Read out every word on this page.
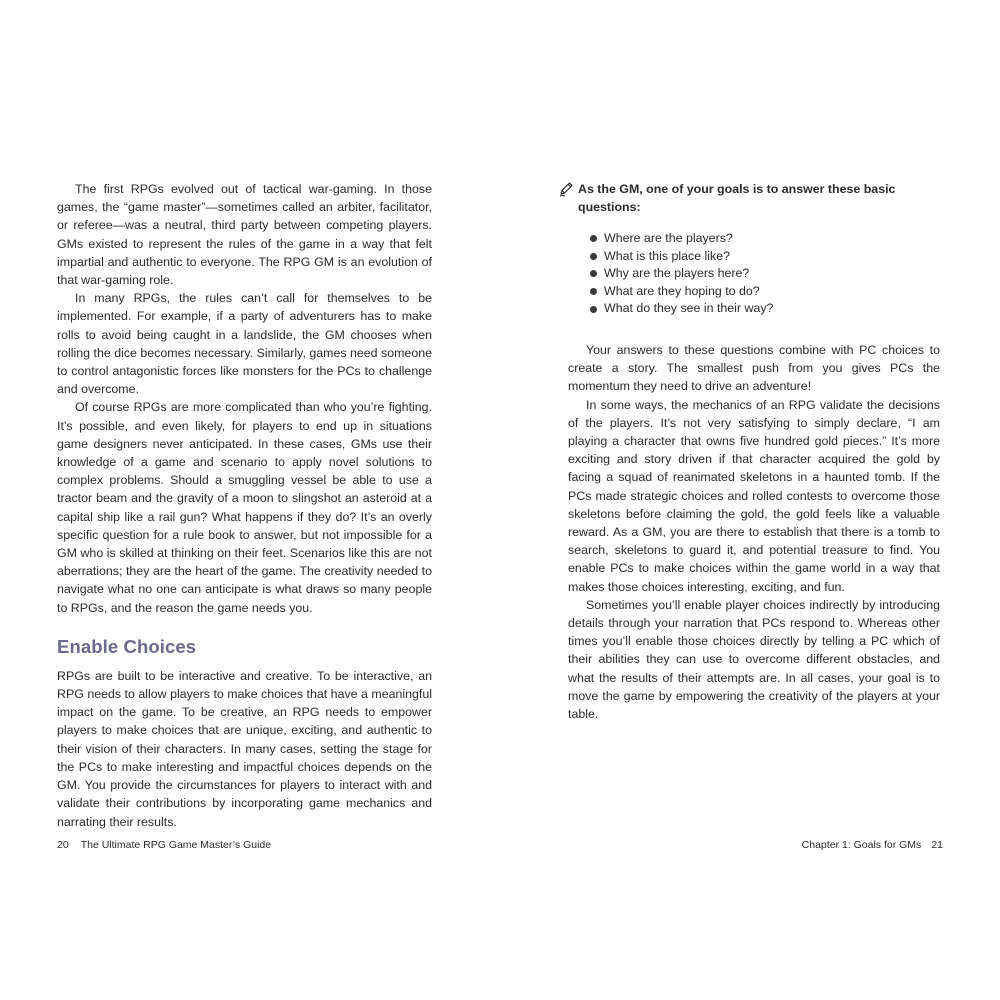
The first RPGs evolved out of tactical war-gaming. In those games, the “game master”—sometimes called an arbiter, facilitator, or referee—was a neutral, third party between competing players. GMs existed to represent the rules of the game in a way that felt impartial and authentic to everyone. The RPG GM is an evolution of that war-gaming role.

In many RPGs, the rules can’t call for themselves to be implemented. For example, if a party of adventurers has to make rolls to avoid being caught in a landslide, the GM chooses when rolling the dice becomes necessary. Similarly, games need someone to control antagonistic forces like monsters for the PCs to challenge and overcome.

Of course RPGs are more complicated than who you’re fighting. It’s possible, and even likely, for players to end up in situations game designers never anticipated. In these cases, GMs use their knowledge of a game and scenario to apply novel solutions to complex problems. Should a smuggling vessel be able to use a tractor beam and the gravity of a moon to slingshot an asteroid at a capital ship like a rail gun? What happens if they do? It’s an overly specific question for a rule book to answer, but not impossible for a GM who is skilled at thinking on their feet. Scenarios like this are not aberrations; they are the heart of the game. The creativity needed to navigate what no one can anticipate is what draws so many people to RPGs, and the reason the game needs you.

Enable Choices

RPGs are built to be interactive and creative. To be interactive, an RPG needs to allow players to make choices that have a meaningful impact on the game. To be creative, an RPG needs to empower players to make choices that are unique, exciting, and authentic to their vision of their characters. In many cases, setting the stage for the PCs to make interesting and impactful choices depends on the GM. You provide the circumstances for players to interact with and validate their contributions by incorporating game mechanics and narrating their results.

20 The Ultimate RPG Game Master’s Guide
As the GM, one of your goals is to answer these basic questions:
Where are the players?
What is this place like?
Why are the players here?
What are they hoping to do?
What do they see in their way?

Your answers to these questions combine with PC choices to create a story. The smallest push from you gives PCs the momentum they need to drive an adventure!

In some ways, the mechanics of an RPG validate the decisions of the players. It’s not very satisfying to simply declare, “I am playing a character that owns five hundred gold pieces.” It’s more exciting and story driven if that character acquired the gold by facing a squad of reanimated skeletons in a haunted tomb. If the PCs made strategic choices and rolled contests to overcome those skeletons before claiming the gold, the gold feels like a valuable reward. As a GM, you are there to establish that there is a tomb to search, skeletons to guard it, and potential treasure to find. You enable PCs to make choices within the game world in a way that makes those choices interesting, exciting, and fun.

Sometimes you’ll enable player choices indirectly by introducing details through your narration that PCs respond to. Whereas other times you’ll enable those choices directly by telling a PC which of their abilities they can use to overcome different obstacles, and what the results of their attempts are. In all cases, your goal is to move the game by empowering the creativity of the players at your table.

Chapter 1: Goals for GMs 21
